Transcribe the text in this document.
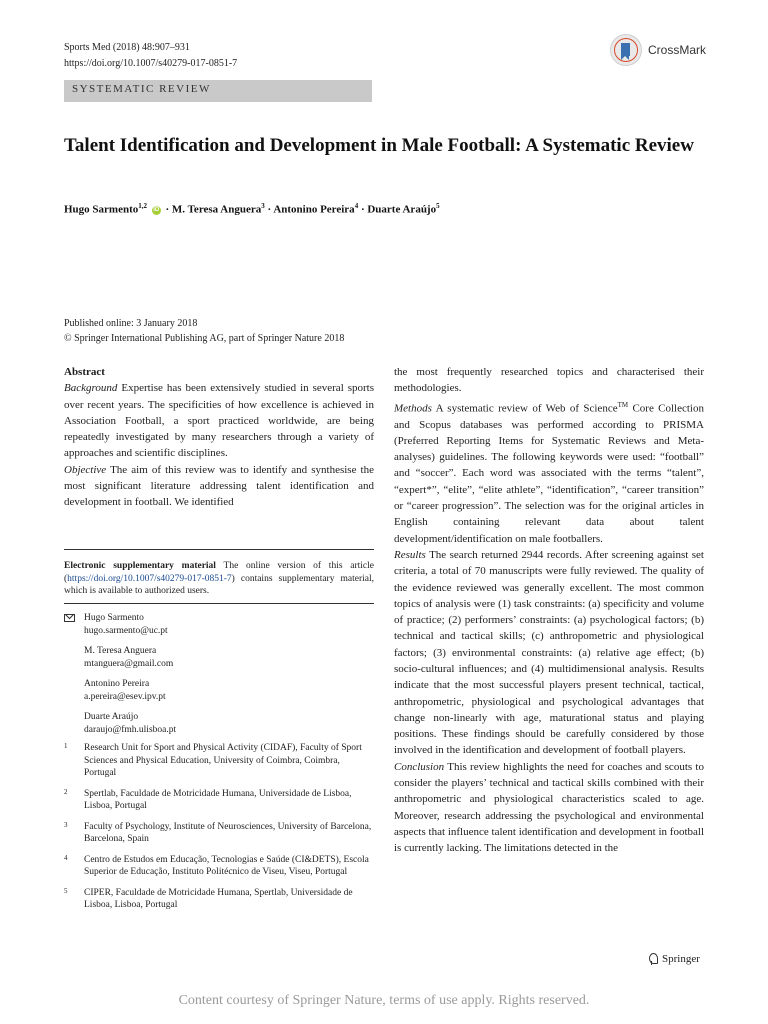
Sports Med (2018) 48:907–931
https://doi.org/10.1007/s40279-017-0851-7
CrossMark
SYSTEMATIC REVIEW
Talent Identification and Development in Male Football: A Systematic Review
Hugo Sarmento$^{1,2}$ iD · M. Teresa Anguera$^3$ · Antonino Pereira$^4$ · Duarte Araújo$^5$
Published online: 3 January 2018
© Springer International Publishing AG, part of Springer Nature 2018

Abstract

Background Expertise has been extensively studied in several sports over recent years. The specificities of how excellence is achieved in Association Football, a sport practiced worldwide, are being repeatedly investigated by many researchers through a variety of approaches and scientific disciplines.

Objective The aim of this review was to identify and synthesise the most significant literature addressing talent identification and development in football. We identified

Electronic supplementary material The online version of this article (https://doi.org/10.1007/s40279-017-0851-7) contains supplementary material, which is available to authorized users.
Hugo Sarmento
hugo.sarmento@uc.pt
M. Teresa Anguera
mtanguera@gmail.com
Antonino Pereira
a.pereira@esev.ipv.pt
Duarte Araújo
daraujo@fmh.ulisboa.pt
1 Research Unit for Sport and Physical Activity (CIDAF), Faculty of Sport Sciences and Physical Education, University of Coimbra, Coimbra, Portugal
2 Spertlab, Faculdade de Motricidade Humana, Universidade de Lisboa, Lisboa, Portugal
3 Faculty of Psychology, Institute of Neurosciences, University of Barcelona, Barcelona, Spain
4 Centro de Estudos em Educação, Tecnologias e Saúde (CI&DETS), Escola Superior de Educação, Instituto Politécnico de Viseu, Viseu, Portugal
5 CIPER, Faculdade de Motricidade Humana, Spertlab, Universidade de Lisboa, Lisboa, Portugal

the most frequently researched topics and characterised their methodologies.

Methods A systematic review of Web of Science™ Core Collection and Scopus databases was performed according to PRISMA (Preferred Reporting Items for Systematic Reviews and Meta-analyses) guidelines. The following keywords were used: “football” and “soccer”. Each word was associated with the terms “talent”, “expert*”, “elite”, “elite athlete”, “identification”, “career transition” or “career progression”. The selection was for the original articles in English containing relevant data about talent development/identification on male footballers.

Results The search returned 2944 records. After screening against set criteria, a total of 70 manuscripts were fully reviewed. The quality of the evidence reviewed was generally excellent. The most common topics of analysis were (1) task constraints: (a) specificity and volume of practice; (2) performers’ constraints: (a) psychological factors; (b) technical and tactical skills; (c) anthropometric and physiological factors; (3) environmental constraints: (a) relative age effect; (b) socio-cultural influences; and (4) multidimensional analysis. Results indicate that the most successful players present technical, tactical, anthropometric, physiological and psychological advantages that change non-linearly with age, maturational status and playing positions. These findings should be carefully considered by those involved in the identification and development of football players.

Conclusion This review highlights the need for coaches and scouts to consider the players’ technical and tactical skills combined with their anthropometric and physiological characteristics scaled to age. Moreover, research addressing the psychological and environmental aspects that influence talent identification and development in football is currently lacking. The limitations detected in the

Springer
Content courtesy of Springer Nature, terms of use apply. Rights reserved.
